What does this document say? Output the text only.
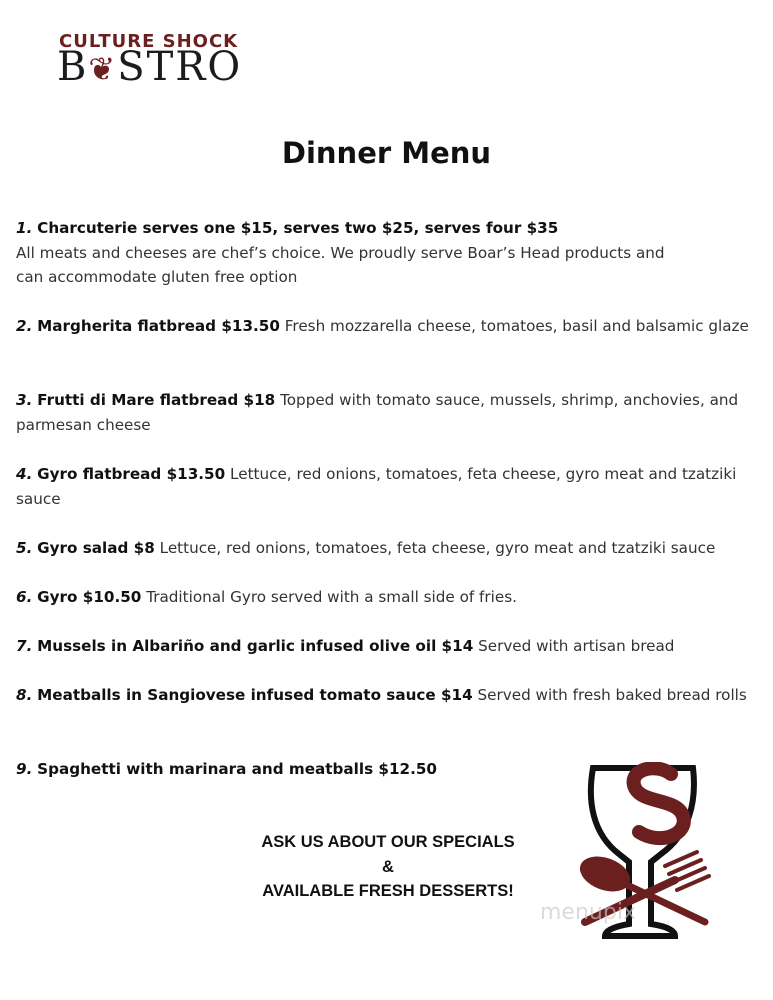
CULTURE SHOCK
B❦STRO
Dinner Menu
1. Charcuterie serves one $15, serves two $25, serves four $35
All meats and cheeses are chef’s choice. We proudly serve Boar’s Head products and can accommodate gluten free option
2. Margherita flatbread $13.50 Fresh mozzarella cheese, tomatoes, basil and balsamic glaze
3. Frutti di Mare flatbread $18 Topped with tomato sauce, mussels, shrimp, anchovies, and parmesan cheese
4. Gyro flatbread $13.50 Lettuce, red onions, tomatoes, feta cheese, gyro meat and tzatziki sauce
5. Gyro salad $8 Lettuce, red onions, tomatoes, feta cheese, gyro meat and tzatziki sauce
6. Gyro $10.50 Traditional Gyro served with a small side of fries.
7. Mussels in Albariño and garlic infused olive oil $14 Served with artisan bread
8. Meatballs in Sangiovese infused tomato sauce $14 Served with fresh baked bread rolls
9. Spaghetti with marinara and meatballs $12.50
ASK US ABOUT OUR SPECIALS
&
AVAILABLE FRESH DESSERTS!
menupix
